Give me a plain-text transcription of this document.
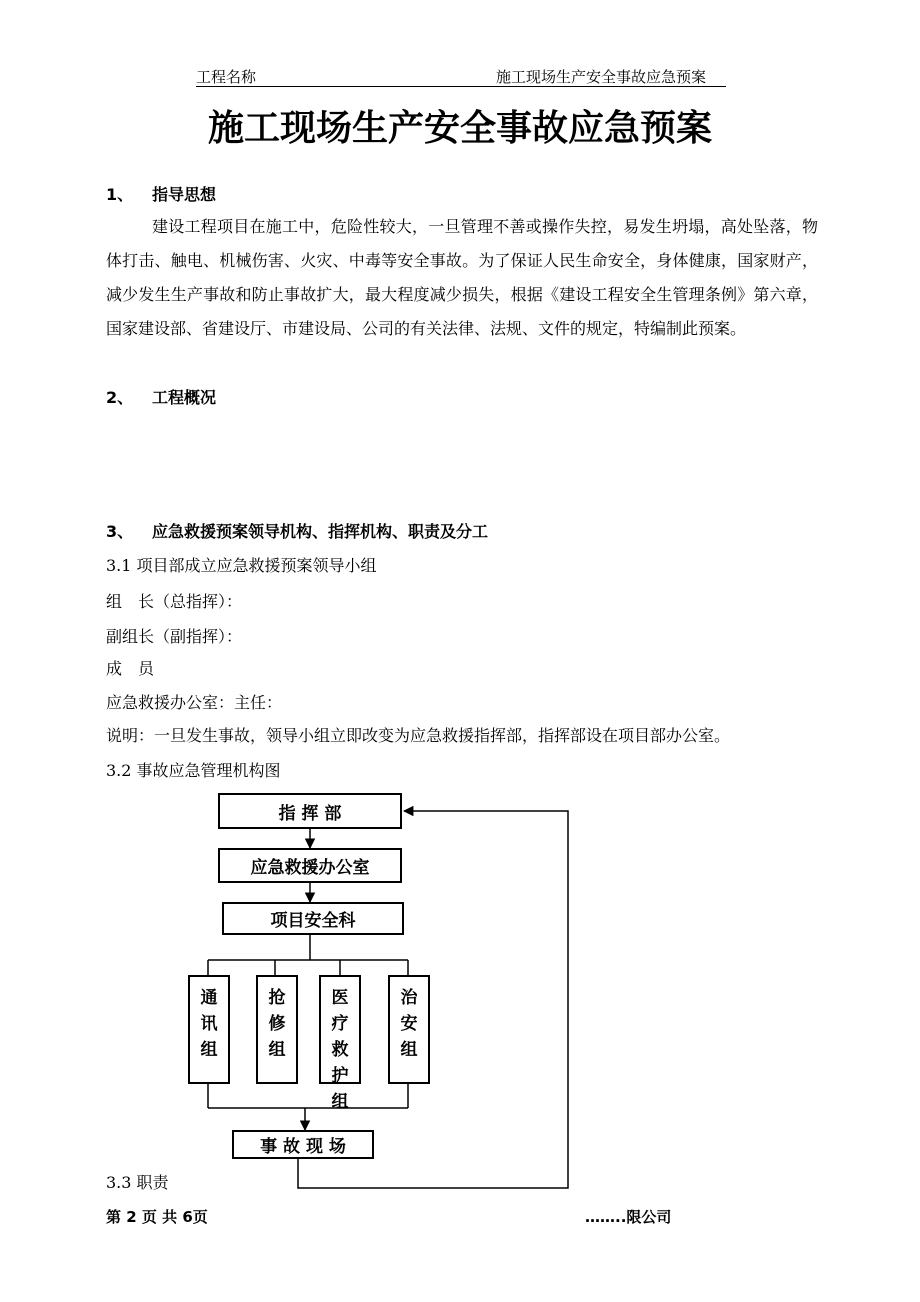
工程名称	施工现场生产安全事故应急预案
施工现场生产安全事故应急预案
1、 指导思想

建设工程项目在施工中，危险性较大，一旦管理不善或操作失控，易发生坍塌，高处坠落，物体打击、触电、机械伤害、火灾、中毒等安全事故。为了保证人民生命安全，身体健康，国家财产，减少发生生产事故和防止事故扩大，最大程度减少损失，根据《建设工程安全生管理条例》第六章，国家建设部、省建设厅、市建设局、公司的有关法律、法规、文件的规定，特编制此预案。

2、 工程概况
3、 应急救援预案领导机构、指挥机构、职责及分工
3.1 项目部成立应急救援预案领导小组
组　长（总指挥）：
副组长（副指挥）：
成　员
应急救援办公室：主任：
说明：一旦发生事故，领导小组立即改变为应急救援指挥部，指挥部设在项目部办公室。
3.2 事故应急管理机构图
指 挥 部
应急救援办公室
项目安全科
通讯组
抢修组
医疗救护组
治安组
事 故 现 场
3.3 职责
第 2 页 共 6页	……..限公司
